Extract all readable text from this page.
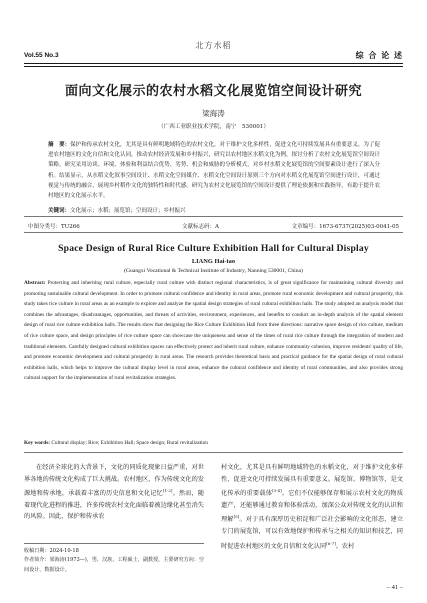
北方水稻
Vol.55 No.3	综 合 论 述
面向文化展示的农村水稻文化展览馆空间设计研究
梁海涛
（广西工业职业技术学院，南宁　530001）
摘　要：保护和传承农村文化，尤其是具有鲜明地域特色的农村文化，对于维护文化多样性，促进文化可持续发展具有重要意义。为了促进农村地区的文化自信和文化认同，推动农村经济发展和乡村振兴，研究以农村地区水稻文化为例，探讨分析了农村文化展览馆空间设计策略。研究采用访谈、环境、体验和利益结合优势、劣势、机会和威胁的分析模式，对乡村水稻文化展览馆的空间要素设计进行了深入分析。结果显示，从水稻文化叙事空间设计、水稻文化空间媒介、水稻文化空间设计原则三个方向对水稻文化展览馆空间进行设计，可通过视觉与传统的融合，展现乡村稻作文化的独特性和时代感。研究为农村文化展览馆的空间设计提供了理论依据和实践指导，有助于提升农村地区的文化展示水平。
关键词：文化展示；水稻；展览馆；空间设计；乡村振兴
中图分类号：TU266	文献标志码：A	文章编号：1673-6737(2025)03-0041-05
Space Design of Rural Rice Culture Exhibition Hall for Cultural Display
LIANG Hai-tao
(Guangxi Vocational & Technical Institute of Industry, Nanning 530001, China)
Abstract: Protecting and inheriting rural culture, especially rural culture with distinct regional characteristics, is of great significance for maintaining cultural diversity and promoting sustainable cultural development. In order to promote cultural confidence and identity in rural areas, promote rural economic development and cultural prosperity, this study takes rice culture in rural areas as an example to explore and analyze the spatial design strategies of rural cultural exhibition halls. The study adopted an analysis model that combines the advantages, disadvantages, opportunities, and threats of activities, environment, experiences, and benefits to conduct an in-depth analysis of the spatial element design of rural rice culture exhibition halls. The results show that designing the Rice Culture Exhibition Hall from three directions: narrative space design of rice culture, medium of rice culture space, and design principles of rice culture space can showcase the uniqueness and sense of the times of rural rice culture through the integration of modern and traditional elements. Carefully designed cultural exhibition spaces can effectively protect and inherit rural culture, enhance community cohesion, improve residents' quality of life, and promote economic development and cultural prosperity in rural areas. The research provides theoretical basis and practical guidance for the spatial design of rural cultural exhibition halls, which helps to improve the cultural display level in rural areas, enhance the cultural confidence and identity of rural communities, and also provides strong cultural support for the implementation of rural revitalization strategies.
Key words: Cultural display; Rice; Exhibition Hall; Space design; Rural revitalization
在经济全球化的大背景下，文化的同质化现象日益严重，对世界各地的传统文化构成了巨大挑战。农村地区，作为传统文化的发源地和传承地，承载着丰富的历史信息和文化记忆[1-2]。然而，随着现代化进程的推进，许多传统农村文化面临着被边缘化甚至消失的风险。因此，保护和传承农
村文化，尤其是具有鲜明地域特色的水稻文化，对于维护文化多样性、促进文化可持续发展具有重要意义。展览馆、博物馆等，是文化传承的重要载体[3-4]。它们不仅能够保存和展示农村文化的物质遗产，还能够通过教育和体验活动，加深公众对传统文化的认识和理解[5]。对于具有深厚历史积淀和广泛社会影响的文化形态，建立专门的展览馆，可以有效地保护和传承与之相关的知识和技艺，同时促进农村地区的文化自信和文化认同[6-7]。农村
收稿日期：2024-10-18
作者简介：梁海涛(1973—)，男，汉族，工程硕士，副教授，主要研究方向：空间设计，数据设计。
– 41 –
